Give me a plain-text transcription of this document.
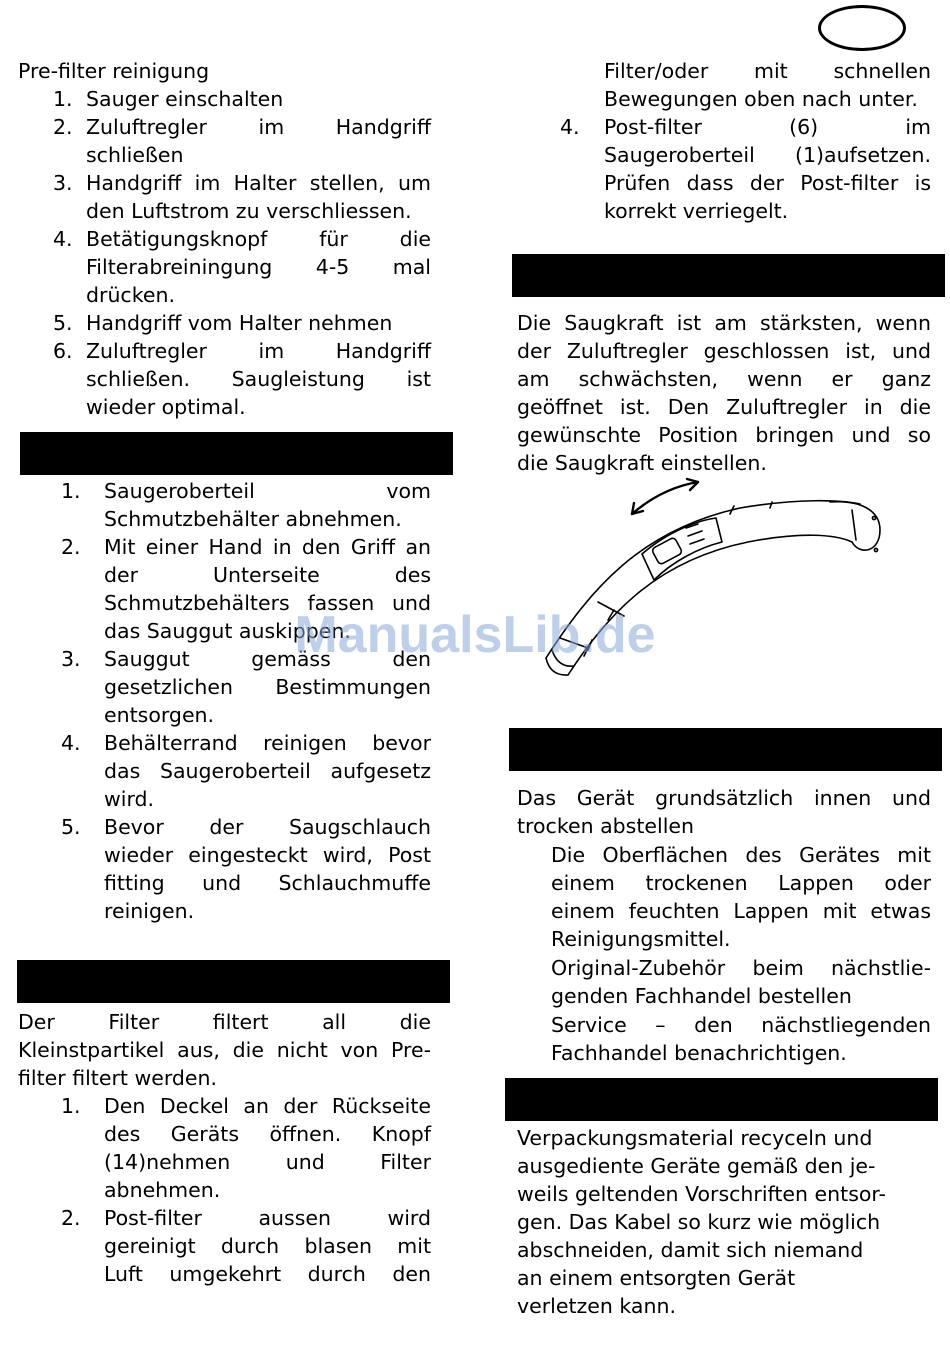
Pre-filter reinigung

1. Sauger einschalten
2. Zuluftregler im Handgriff
schließen
3. Handgriff im Halter stellen, um
den Luftstrom zu verschliessen.
4. Betätigungsknopf für die
Filterabreiningung 4-5 mal
drücken.
5. Handgriff vom Halter nehmen
6. Zuluftregler im Handgriff
schließen. Saugleistung ist
wieder optimal.
1. Saugeroberteil vom
Schmutzbehälter abnehmen.
2. Mit einer Hand in den Griff an
der Unterseite des
Schmutzbehälters fassen und
das Sauggut auskippen.
3. Sauggut gemäss den
gesetzlichen Bestimmungen
entsorgen.
4. Behälterrand reinigen bevor
das Saugeroberteil aufgesetz
wird.
5. Bevor der Saugschlauch
wieder eingesteckt wird, Post
fitting und Schlauchmuffe
reinigen.
Der Filter filtert all die
Kleinstpartikel aus, die nicht von Pre-
filter filtert werden.
1. Den Deckel an der Rückseite
des Geräts öffnen. Knopf
(14)nehmen und Filter
abnehmen.
2. Post-filter aussen wird
gereinigt durch blasen mit
Luft umgekehrt durch den
Filter/oder mit schnellen
Bewegungen oben nach unter.
4. Post-filter (6) im
Saugeroberteil (1)aufsetzen.
Prüfen dass der Post-filter is
korrekt verriegelt.
Die Saugkraft ist am stärksten, wenn
der Zuluftregler geschlossen ist, und
am schwächsten, wenn er ganz
geöffnet ist. Den Zuluftregler in die
gewünschte Position bringen und so
die Saugkraft einstellen.
Das Gerät grundsätzlich innen und
trocken abstellen
Die Oberflächen des Gerätes mit
einem trockenen Lappen oder
einem feuchten Lappen mit etwas
Reinigungsmittel.
Original-Zubehör beim nächstlie-
genden Fachhandel bestellen
Service – den nächstliegenden
Fachhandel benachrichtigen.
Verpackungsmaterial recyceln und
ausgediente Geräte gemäß den je-
weils geltenden Vorschriften entsor-
gen. Das Kabel so kurz wie möglich
abschneiden, damit sich niemand
an einem entsorgten Gerät
verletzen kann.
ManualsLib.de
